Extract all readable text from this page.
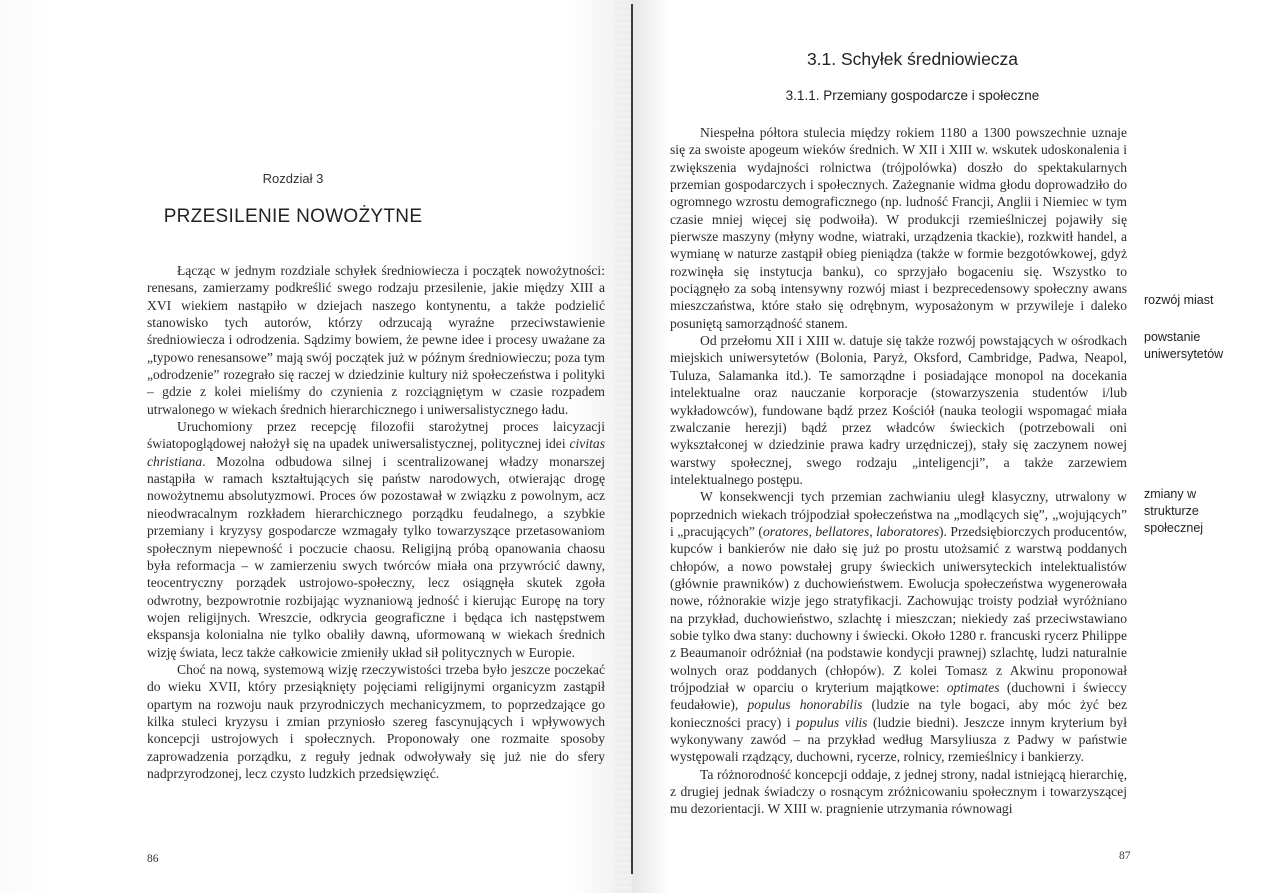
Rozdział 3
PRZESILENIE NOWOŻYTNE

Łącząc w jednym rozdziale schyłek średniowiecza i początek nowożytności: renesans, zamierzamy podkreślić swego rodzaju przesilenie, jakie między XIII a XVI wiekiem nastąpiło w dziejach naszego kontynentu, a także podzielić stanowisko tych autorów, którzy odrzucają wyraźne przeciwstawienie średniowiecza i odrodzenia. Sądzimy bowiem, że pewne idee i procesy uważane za „typowo renesansowe” mają swój początek już w późnym średniowieczu; poza tym „odrodzenie” rozegrało się raczej w dziedzinie kultury niż społeczeństwa i polityki – gdzie z kolei mieliśmy do czynienia z rozciągniętym w czasie rozpadem utrwalonego w wiekach średnich hierarchicznego i uniwersalistycznego ładu.

Uruchomiony przez recepcję filozofii starożytnej proces laicyzacji światopoglądowej nałożył się na upadek uniwersalistycznej, politycznej idei civitas christiana. Mozolna odbudowa silnej i scentralizowanej władzy monarszej nastąpiła w ramach kształtujących się państw narodowych, otwierając drogę nowożytnemu absolutyzmowi. Proces ów pozostawał w związku z powolnym, acz nieodwracalnym rozkładem hierarchicznego porządku feudalnego, a szybkie przemiany i kryzysy gospodarcze wzmagały tylko towarzyszące przetasowaniom społecznym niepewność i poczucie chaosu. Religijną próbą opanowania chaosu była reformacja – w zamierzeniu swych twórców miała ona przywrócić dawny, teocentryczny porządek ustrojowo-społeczny, lecz osiągnęła skutek zgoła odwrotny, bezpowrotnie rozbijając wyznaniową jedność i kierując Europę na tory wojen religijnych. Wreszcie, odkrycia geograficzne i będąca ich następstwem ekspansja kolonialna nie tylko obaliły dawną, uformowaną w wiekach średnich wizję świata, lecz także całkowicie zmieniły układ sił politycznych w Europie.

Choć na nową, systemową wizję rzeczywistości trzeba było jeszcze poczekać do wieku XVII, który przesiąknięty pojęciami religijnymi organicyzm zastąpił opartym na rozwoju nauk przyrodniczych mechanicyzmem, to poprzedzające go kilka stuleci kryzysu i zmian przyniosło szereg fascynujących i wpływowych koncepcji ustrojowych i społecznych. Proponowały one rozmaite sposoby zaprowadzenia porządku, z reguły jednak odwoływały się już nie do sfery nadprzyrodzonej, lecz czysto ludzkich przedsięwzięć.

86
3.1. Schyłek średniowiecza
3.1.1. Przemiany gospodarcze i społeczne

Niespełna półtora stulecia między rokiem 1180 a 1300 powszechnie uznaje się za swoiste apogeum wieków średnich. W XII i XIII w. wskutek udoskonalenia i zwiększenia wydajności rolnictwa (trójpolówka) doszło do spektakularnych przemian gospodarczych i społecznych. Zażegnanie widma głodu doprowadziło do ogromnego wzrostu demograficznego (np. ludność Francji, Anglii i Niemiec w tym czasie mniej więcej się podwoiła). W produkcji rzemieślniczej pojawiły się pierwsze maszyny (młyny wodne, wiatraki, urządzenia tkackie), rozkwitł handel, a wymianę w naturze zastąpił obieg pieniądza (także w formie bezgotówkowej, gdyż rozwinęła się instytucja banku), co sprzyjało bogaceniu się. Wszystko to pociągnęło za sobą intensywny rozwój miast i bezprecedensowy społeczny awans mieszczaństwa, które stało się odrębnym, wyposażonym w przywileje i daleko posuniętą samorządność stanem.

Od przełomu XII i XIII w. datuje się także rozwój powstających w ośrodkach miejskich uniwersytetów (Bolonia, Paryż, Oksford, Cambridge, Padwa, Neapol, Tuluza, Salamanka itd.). Te samorządne i posiadające monopol na docekania intelektualne oraz nauczanie korporacje (stowarzyszenia studentów i/lub wykładowców), fundowane bądź przez Kościół (nauka teologii wspomagać miała zwalczanie herezji) bądź przez władców świeckich (potrzebowali oni wykształconej w dziedzinie prawa kadry urzędniczej), stały się zaczynem nowej warstwy społecznej, swego rodzaju „inteligencji”, a także zarzewiem intelektualnego postępu.

W konsekwencji tych przemian zachwianiu uległ klasyczny, utrwalony w poprzednich wiekach trójpodział społeczeństwa na „modlących się”, „wojujących” i „pracujących” (oratores, bellatores, laboratores). Przedsiębiorczych producentów, kupców i bankierów nie dało się już po prostu utożsamić z warstwą poddanych chłopów, a nowo powstałej grupy świeckich uniwersyteckich intelektualistów (głównie prawników) z duchowieństwem. Ewolucja społeczeństwa wygenerowała nowe, różnorakie wizje jego stratyfikacji. Zachowując troisty podział wyróżniano na przykład, duchowieństwo, szlachtę i mieszczan; niekiedy zaś przeciwstawiano sobie tylko dwa stany: duchowny i świecki. Około 1280 r. francuski rycerz Philippe z Beaumanoir odróżniał (na podstawie kondycji prawnej) szlachtę, ludzi naturalnie wolnych oraz poddanych (chłopów). Z kolei Tomasz z Akwinu proponował trójpodział w oparciu o kryterium majątkowe: optimates (duchowni i świeccy feudałowie), populus honorabilis (ludzie na tyle bogaci, aby móc żyć bez konieczności pracy) i populus vilis (ludzie biedni). Jeszcze innym kryterium był wykonywany zawód – na przykład według Marsyliusza z Padwy w państwie występowali rządzący, duchowni, rycerze, rolnicy, rzemieślnicy i bankierzy.

Ta różnorodność koncepcji oddaje, z jednej strony, nadal istniejącą hierarchię, z drugiej jednak świadczy o rosnącym zróżnicowaniu społecznym i towarzyszącej mu dezorientacji. W XIII w. pragnienie utrzymania równowagi

rozwój miast
powstanie uniwersytetów
zmiany w strukturze społecznej
87
